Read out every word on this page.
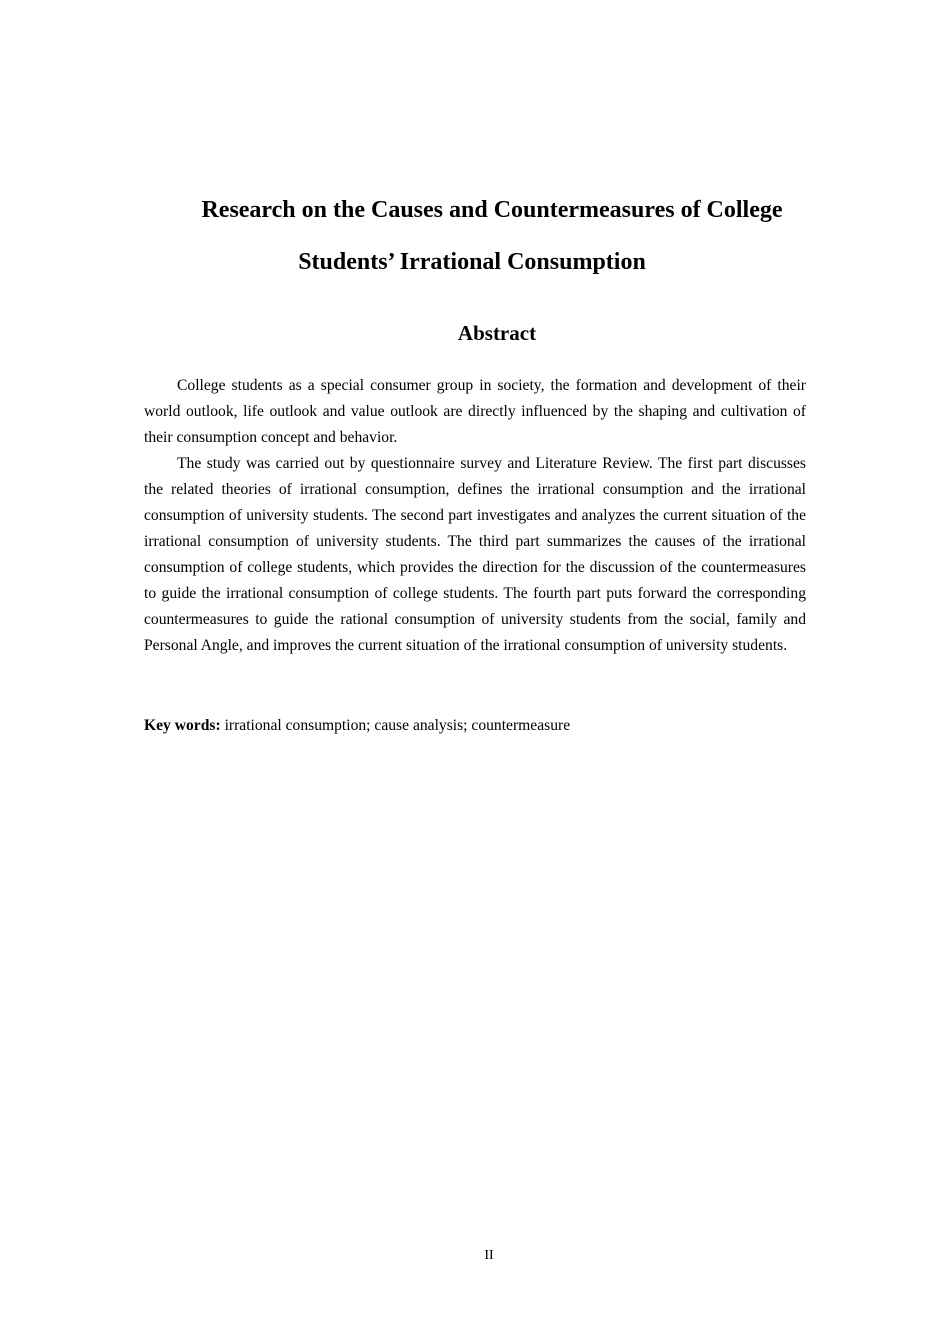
Research on the Causes and Countermeasures of College
Students’ Irrational Consumption
Abstract

College students as a special consumer group in society, the formation and development of their world outlook, life outlook and value outlook are directly influenced by the shaping and cultivation of their consumption concept and behavior.

The study was carried out by questionnaire survey and Literature Review. The first part discusses the related theories of irrational consumption, defines the irrational consumption and the irrational consumption of university students. The second part investigates and analyzes the current situation of the irrational consumption of university students. The third part summarizes the causes of the irrational consumption of college students, which provides the direction for the discussion of the countermeasures to guide the irrational consumption of college students. The fourth part puts forward the corresponding countermeasures to guide the rational consumption of university students from the social, family and Personal Angle, and improves the current situation of the irrational consumption of university students.

Key words: irrational consumption; cause analysis; countermeasure
II
